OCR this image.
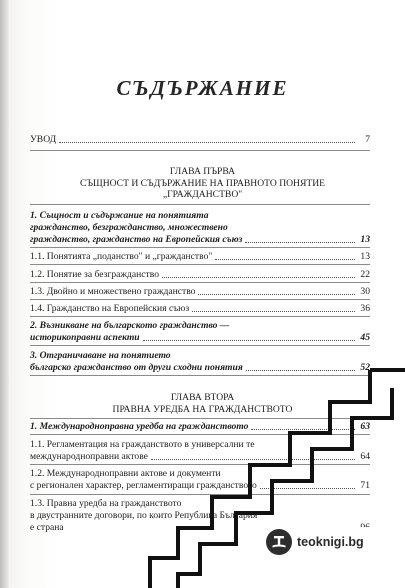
СЪДЪРЖАНИЕ
УВОД	7
ГЛАВА ПЪРВА
СЪЩНОСТ И СЪДЪРЖАНИЕ НА ПРАВНОТО ПОНЯТИЕ
„ГРАЖДАНСТВО"
1. Същност и съдържание на понятията
гражданство, безгражданство, множествено
гражданство, гражданство на Европейския съюз	13
1.1. Понятията „поданство" и „гражданство"	13
1.2. Понятие за безгражданство	22
1.3. Двойно и множествено гражданство	30
1.4. Гражданство на Европейския съюз	36
2. Възникване на българското гражданство —
историкоправни аспекти	45
3. Отграничаване на понятието
българско гражданство от други сходни понятия	52
ГЛАВА ВТОРА
ПРАВНА УРЕДБА НА ГРАЖДАНСТВОТО
1. Международноправна уредба на гражданството	63
1.1. Регламентация на гражданството в универсални те
международноправни актове	64
1.2. Международноправни актове и документи
с регионален характер, регламентиращи гражданството	71
1.3. Правна уредба на гражданството
в двустранните договори, по които Република България
е страна
teoknigi.bg
